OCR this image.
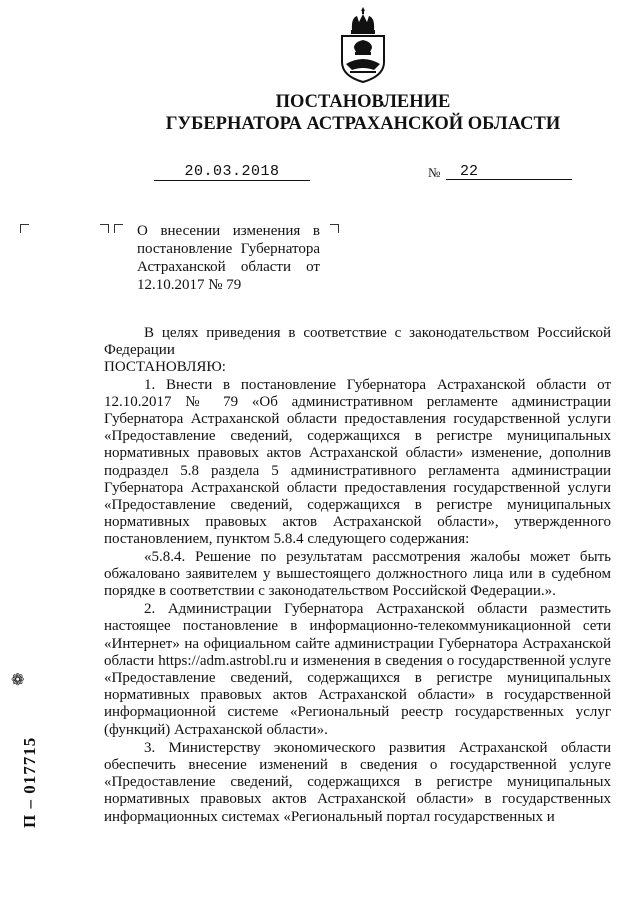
ПОСТАНОВЛЕНИЕ
ГУБЕРНАТОРА АСТРАХАНСКОЙ ОБЛАСТИ
20.03.2018	№	22

О внесении изменения в постановление Губернатора Астраханской области от 12.10.2017 № 79

В целях приведения в соответствие с законодательством Российской Федерации

ПОСТАНОВЛЯЮ:

1. Внести в постановление Губернатора Астраханской области от 12.10.2017 № 79 «Об административном регламенте администрации Губернатора Астраханской области предоставления государственной услуги «Предоставление сведений, содержащихся в регистре муниципальных нормативных правовых актов Астраханской области» изменение, дополнив подраздел 5.8 раздела 5 административного регламента администрации Губернатора Астраханской области предоставления государственной услуги «Предоставление сведений, содержащихся в регистре муниципальных нормативных правовых актов Астраханской области», утвержденного постановлением, пунктом 5.8.4 следующего содержания:

«5.8.4. Решение по результатам рассмотрения жалобы может быть обжаловано заявителем у вышестоящего должностного лица или в судебном порядке в соответствии с законодательством Российской Федерации.».

2. Администрации Губернатора Астраханской области разместить настоящее постановление в информационно-телекоммуникационной сети «Интернет» на официальном сайте администрации Губернатора Астраханской области https://adm.astrobl.ru и изменения в сведения о государственной услуге «Предоставление сведений, содержащихся в регистре муниципальных нормативных правовых актов Астраханской области» в государственной информационной системе «Региональный реестр государственных услуг (функций) Астраханской области».

3. Министерству экономического развития Астраханской области обеспечить внесение изменений в сведения о государственной услуге «Предоставление сведений, содержащихся в регистре муниципальных нормативных правовых актов Астраханской области» в государственных информационных системах «Региональный портал государственных и

❁
П – 017715
